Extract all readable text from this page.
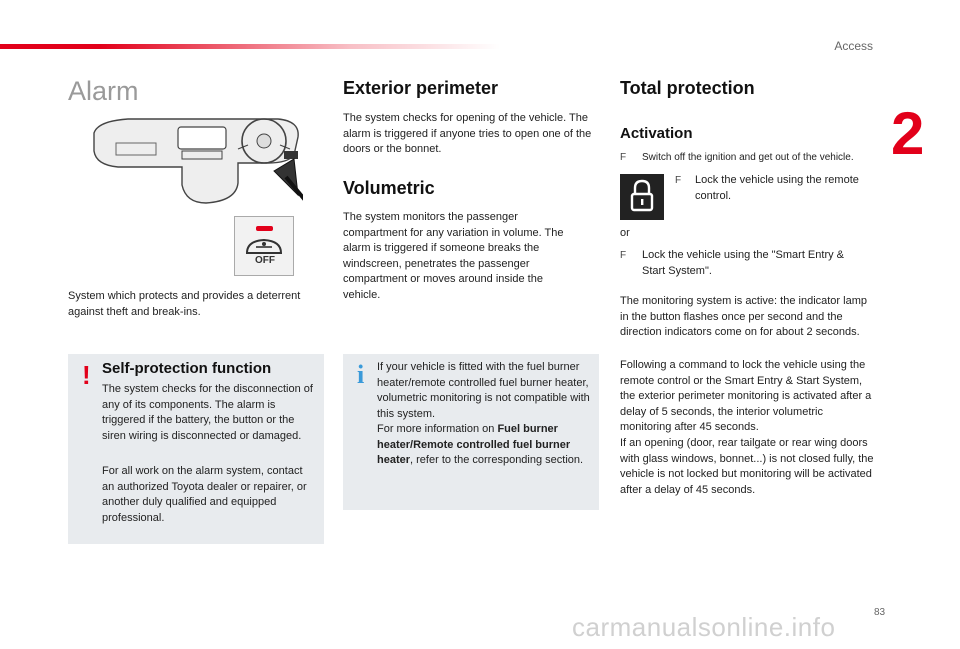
Access
2
Alarm
OFF

System which protects and provides a deterrent against theft and break-ins.

! Self-protection function

The system checks for the disconnection of any of its components. The alarm is triggered if the battery, the button or the siren wiring is disconnected or damaged.

For all work on the alarm system, contact an authorized Toyota dealer or repairer, or another duly qualified and equipped professional.

Exterior perimeter

The system checks for opening of the vehicle. The alarm is triggered if anyone tries to open one of the doors or the bonnet.

Volumetric

The system monitors the passenger compartment for any variation in volume. The alarm is triggered if someone breaks the windscreen, penetrates the passenger compartment or moves around inside the vehicle.

i If your vehicle is fitted with the fuel burner heater/remote controlled fuel burner heater, volumetric monitoring is not compatible with this system.

For more information on Fuel burner heater/Remote controlled fuel burner heater, refer to the corresponding section.

Total protection
Activation
F	Switch off the ignition and get out of the vehicle.
F	Lock the vehicle using the remote control.

or

F	Lock the vehicle using the "Smart Entry & Start System".

The monitoring system is active: the indicator lamp in the button flashes once per second and the direction indicators come on for about 2 seconds.

Following a command to lock the vehicle using the remote control or the Smart Entry & Start System, the exterior perimeter monitoring is activated after a delay of 5 seconds, the interior volumetric monitoring after 45 seconds.

If an opening (door, rear tailgate or rear wing doors with glass windows, bonnet...) is not closed fully, the vehicle is not locked but monitoring will be activated after a delay of 45 seconds.

83
carmanualsonline.info
